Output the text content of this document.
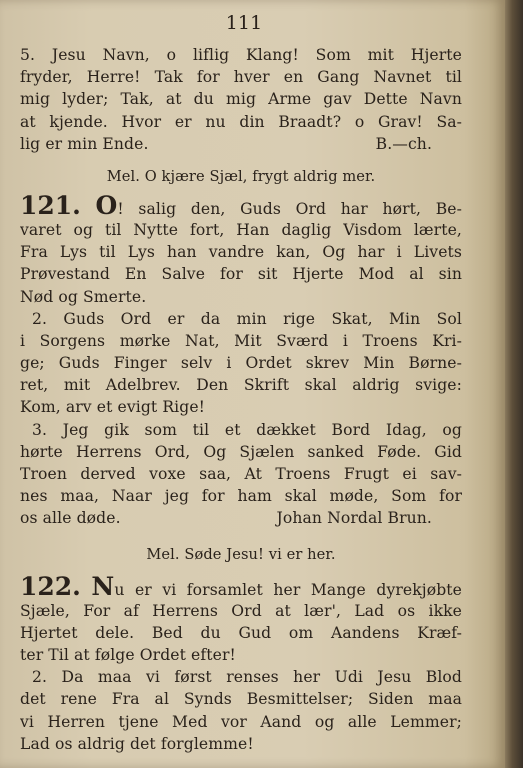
111
5. Jesu Navn, o liflig Klang! Som mit Hjerte
fryder, Herre! Tak for hver en Gang Navnet til
mig lyder; Tak, at du mig Arme gav Dette Navn
at kjende. Hvor er nu din Braadt? o Grav! Sa-
lig er min Ende.	B.—ch.
Mel. O kjære Sjæl, frygt aldrig mer.
121. O! salig den, Guds Ord har hørt, Be-
varet og til Nytte fort, Han daglig Visdom lærte,
Fra Lys til Lys han vandre kan, Og har i Livets
Prøvestand En Salve for sit Hjerte Mod al sin
Nød og Smerte.
2. Guds Ord er da min rige Skat, Min Sol
i Sorgens mørke Nat, Mit Sværd i Troens Kri-
ge; Guds Finger selv i Ordet skrev Min Børne-
ret, mit Adelbrev. Den Skrift skal aldrig svige:
Kom, arv et evigt Rige!
3. Jeg gik som til et dækket Bord Idag, og
hørte Herrens Ord, Og Sjælen sanked Føde. Gid
Troen derved voxe saa, At Troens Frugt ei sav-
nes maa, Naar jeg for ham skal møde, Som for
os alle døde.	Johan Nordal Brun.
Mel. Søde Jesu! vi er her.
122. Nu er vi forsamlet her Mange dyrekjøbte
Sjæle, For af Herrens Ord at lær', Lad os ikke
Hjertet dele. Bed du Gud om Aandens Kræf-
ter Til at følge Ordet efter!
2. Da maa vi først renses her Udi Jesu Blod
det rene Fra al Synds Besmittelser; Siden maa
vi Herren tjene Med vor Aand og alle Lemmer;
Lad os aldrig det forglemme!
